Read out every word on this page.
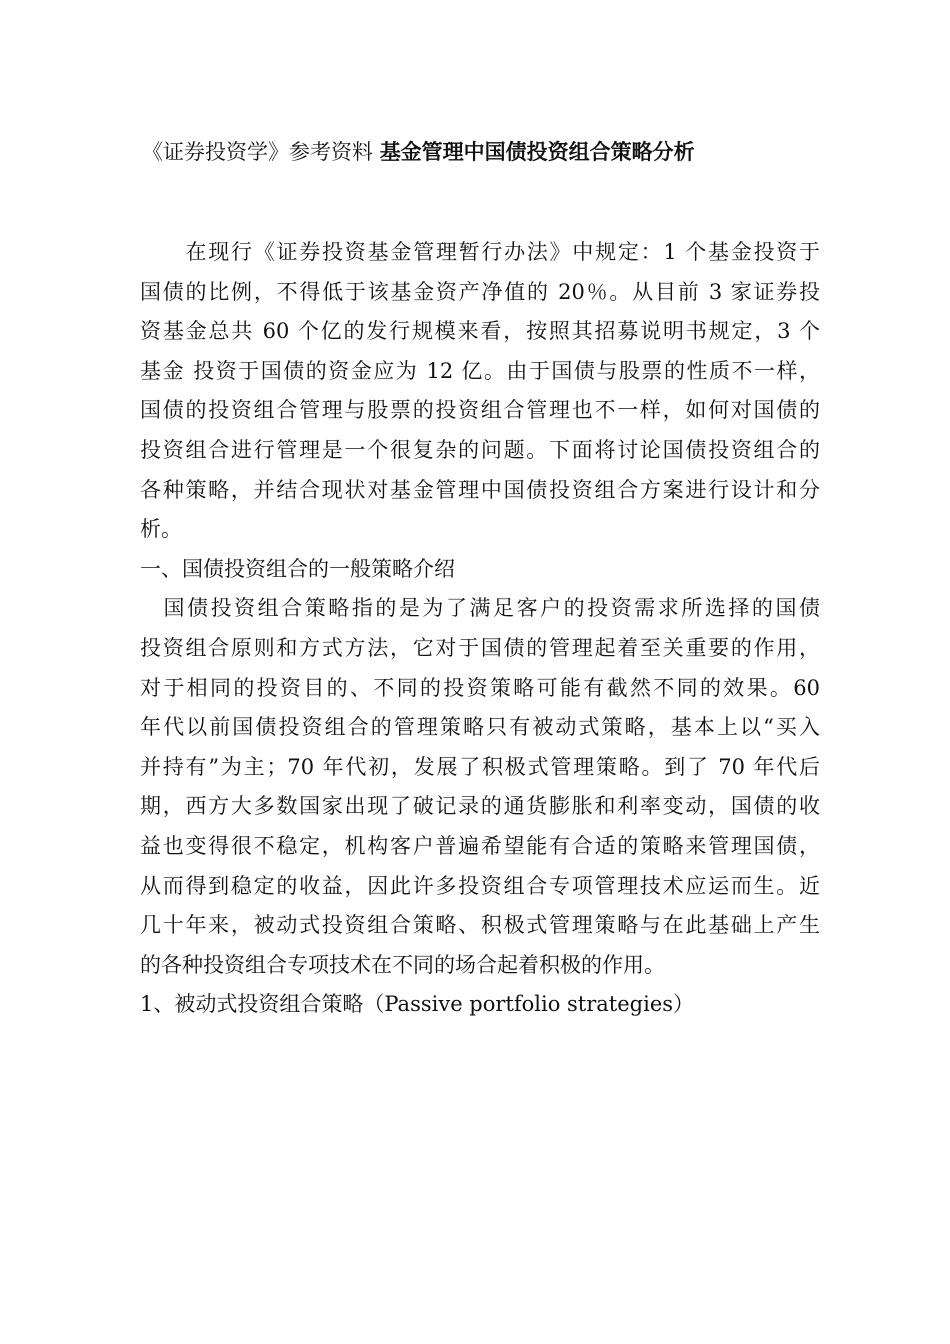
《证券投资学》参考资料 基金管理中国债投资组合策略分析
　　在现行《证券投资基金管理暂行办法》中规定：1 个基金投资于
国债的比例，不得低于该基金资产净值的 20％。从目前 3 家证券投
资基金总共 60 个亿的发行规模来看，按照其招募说明书规定，3 个
基金 投资于国债的资金应为 12 亿。由于国债与股票的性质不一样，
国债的投资组合管理与股票的投资组合管理也不一样，如何对国债的
投资组合进行管理是一个很复杂的问题。下面将讨论国债投资组合的
各种策略，并结合现状对基金管理中国债投资组合方案进行设计和分
析。
一、国债投资组合的一般策略介绍
　国债投资组合策略指的是为了满足客户的投资需求所选择的国债
投资组合原则和方式方法，它对于国债的管理起着至关重要的作用，
对于相同的投资目的、不同的投资策略可能有截然不同的效果。60
年代以前国债投资组合的管理策略只有被动式策略，基本上以“买入
并持有”为主；70 年代初，发展了积极式管理策略。到了 70 年代后
期，西方大多数国家出现了破记录的通货膨胀和利率变动，国债的收
益也变得很不稳定，机构客户普遍希望能有合适的策略来管理国债，
从而得到稳定的收益，因此许多投资组合专项管理技术应运而生。近
几十年来，被动式投资组合策略、积极式管理策略与在此基础上产生
的各种投资组合专项技术在不同的场合起着积极的作用。
1、被动式投资组合策略（Passive portfolio strategies）
